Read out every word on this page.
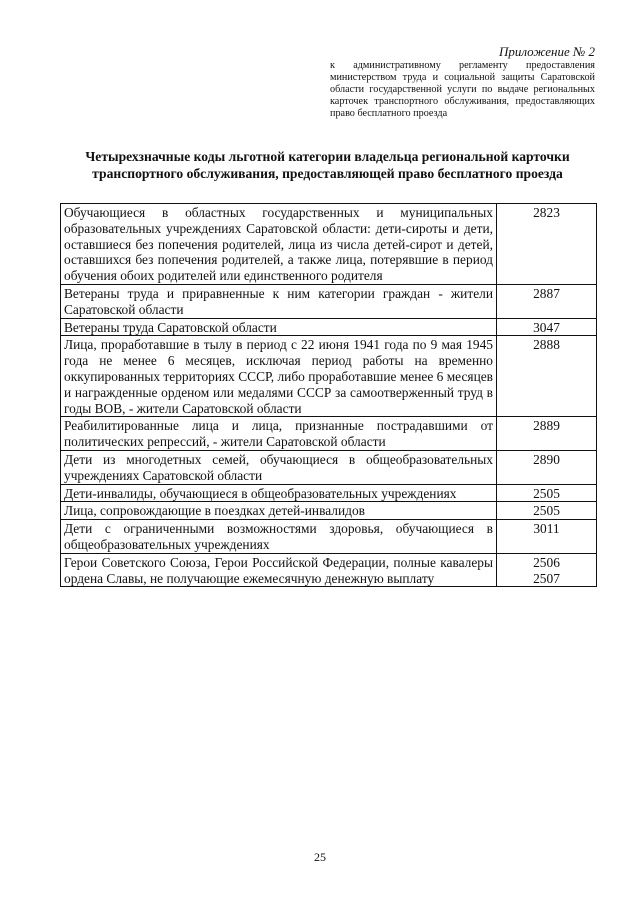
Приложение № 2
к административному регламенту предоставления министерством труда и социальной защиты Саратовской области государственной услуги по выдаче региональных карточек транспортного обслуживания, предоставляющих право бесплатного проезда
Четырехзначные коды льготной категории владельца региональной карточки транспортного обслуживания, предоставляющей право бесплатного проезда
Обучающиеся в областных государственных и муниципальных образовательных учреждениях Саратовской области: дети-сироты и дети, оставшиеся без попечения родителей, лица из числа детей-сирот и детей, оставшихся без попечения родителей, а также лица, потерявшие в период обучения обоих родителей или единственного родителя	2823

Ветераны труда и приравненные к ним категории граждан - жители Саратовской области	2887

Ветераны труда Саратовской области	3047

Лица, проработавшие в тылу в период с 22 июня 1941 года по 9 мая 1945 года не менее 6 месяцев, исключая период работы на временно оккупированных территориях СССР, либо проработавшие менее 6 месяцев и награжденные орденом или медалями СССР за самоотверженный труд в годы ВОВ, - жители Саратовской области	2888

Реабилитированные лица и лица, признанные пострадавшими от политических репрессий, - жители Саратовской области	2889

Дети из многодетных семей, обучающиеся в общеобразовательных учреждениях Саратовской области	2890

Дети-инвалиды, обучающиеся в общеобразовательных учреждениях	2505

Лица, сопровождающие в поездках детей-инвалидов	2505

Дети с ограниченными возможностями здоровья, обучающиеся в общеобразовательных учреждениях	3011

Герои Советского Союза, Герои Российской Федерации, полные кавалеры ордена Славы, не получающие ежемесячную денежную выплату	2506
2507
25
